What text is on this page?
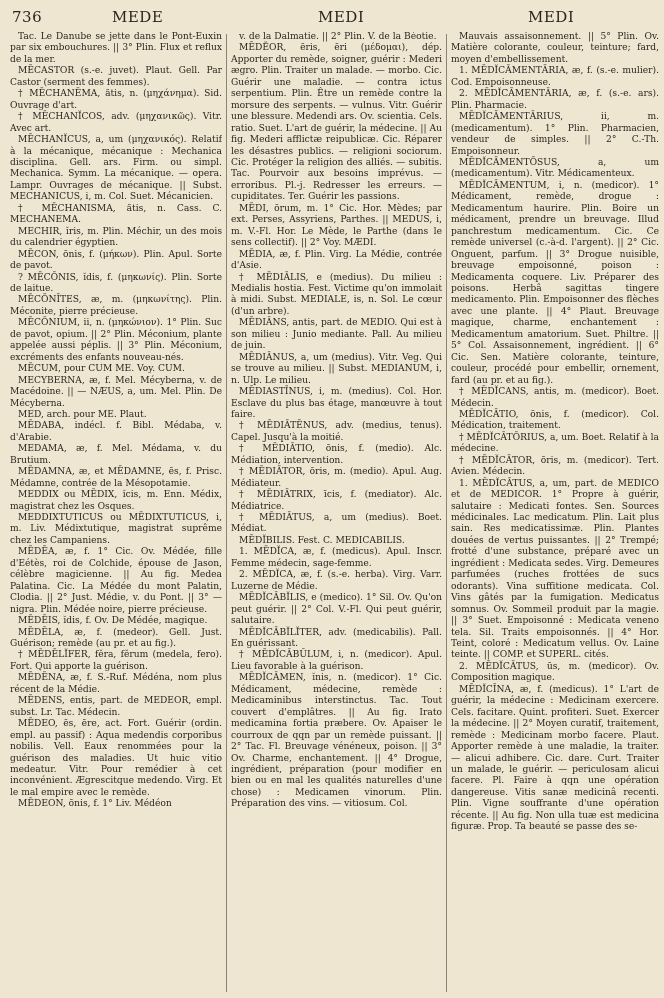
736	MEDE	MEDI	MEDI

Tac. Le Danube se jette dans le Pont-Euxin par six embouchures. || 3° Plin. Flux et reflux de la mer.

MĒCASTOR (s.-e. juvet). Plaut. Gell. Par Castor (serment des femmes).

† MĒCHANĒMA, ătis, n. (μηχάνημα). Sid. Ouvrage d'art.

† MĒCHANĬCOS, adv. (μηχανικῶς). Vitr. Avec art.

MĒCHANĬCUS, a, um (μηχανικός). Relatif à la mécanique, mécanique : Mechanica disciplina. Gell. ars. Firm. ou simpl. Mechanica. Symm. La mécanique. — opera. Lampr. Ouvrages de mécanique. || Subst. MECHANICUS, i, m. Col. Suet. Mécanicien.

† MĒCHANISMA, ătis, n. Cass. C. MECHANEMA.

MECHIR, ĭris, m. Plin. Méchir, un des mois du calendrier égyptien.

MĒCON, ōnis, f. (μήκων). Plin. Apul. Sorte de pavot.

? MĒCŌNIS, ĭdis, f. (μηκωνίς). Plin. Sorte de laitue.

MĒCŌNĪTES, æ, m. (μηκωνίτης). Plin. Méconite, pierre précieuse.

MĒCŌNIUM, ii, n. (μηκώνιον). 1° Plin. Suc de pavot, opium. || 2° Plin. Méconium, plante appelée aussi péplis. || 3° Plin. Méconium, excréments des enfants nouveau-nés.

MĒCUM, pour CUM ME. Voy. CUM.

MECYBERNA, æ, f. Mel. Mécyberna, v. de Macédoine. || — NÆUS, a, um. Mel. Plin. De Mécyberna.

MED, arch. pour ME. Plaut.

MĒDABA, indécl. f. Bibl. Médaba, v. d'Arabie.

MEDAMA, æ, f. Mel. Médama, v. du Brutium.

MĒDAMNA, æ, et MĒDAMNE, ēs, f. Prisc. Médamne, contrée de la Mésopotamie.

MEDDIX ou MĒDIX, ĭcis, m. Enn. Médix, magistrat chez les Osques.

MEDDIXTUTICUS ou MĒDIXTUTICUS, i, m. Liv. Médixtutique, magistrat suprême chez les Campaniens.

MĒDĒA, æ, f. 1° Cic. Ov. Médée, fille d'Eétès, roi de Colchide, épouse de Jason, célèbre magicienne. || Au fig. Medea Palatina. Cic. La Médée du mont Palatin, Clodia. || 2° Just. Médie, v. du Pont. || 3° — nigra. Plin. Médée noire, pierre précieuse.

MĒDĒIS, ĭdis, f. Ov. De Médée, magique.

MĒDĒLA, æ, f. (medeor). Gell. Just. Guérison; remède (au pr. et au fig.).

† MĒDĒLĬFER, fĕra, fĕrum (medela, fero). Fort. Qui apporte la guérison.

MĒDĒNA, æ, f. S.-Ruf. Médéna, nom plus récent de la Médie.

MĒDENS, entis, part. de MEDEOR, empl. subst. Lr. Tac. Médecin.

MĒDEO, ēs, ēre, act. Fort. Guérir (ordin. empl. au passif) : Aqua medendis corporibus nobilis. Vell. Eaux renommées pour la guérison des maladies. Ut huic vitio medeatur. Vitr. Pour remédier à cet inconvénient. Ægrescitque medendo. Virg. Et le mal empire avec le remède.

MĒDEON, ōnis, f. 1° Liv. Médéon

v. de la Dalmatie. || 2° Plin. V. de la Béotie.

MĒDĔOR, ēris, ēri (μέδομαι), dép. Apporter du remède, soigner, guérir : Mederi ægro. Plin. Traiter un malade. — morbo. Cic. Guérir une maladie. — contra ictus serpentium. Plin. Être un remède contre la morsure des serpents. — vulnus. Vitr. Guérir une blessure. Medendi ars. Ov. scientia. Cels. ratio. Suet. L'art de guérir, la médecine. || Au fig. Mederi afflictæ reipublicæ. Cic. Réparer les désastres publics. — religioni sociorum. Cic. Protéger la religion des alliés. — subitis. Tac. Pourvoir aux besoins imprévus. — erroribus. Pl.-j. Redresser les erreurs. — cupiditates. Ter. Guérir les passions.

MĒDI, ōrum, m. 1° Cic. Hor. Mèdes; par ext. Perses, Assyriens, Parthes. || MEDUS, i, m. V.-Fl. Hor. Le Mède, le Parthe (dans le sens collectif). || 2° Voy. MÆDI.

MĒDIA, æ, f. Plin. Virg. La Médie, contrée d'Asie.

† MĒDIĀLIS, e (medius). Du milieu : Medialis hostia. Fest. Victime qu'on immolait à midi. Subst. MEDIALE, is, n. Sol. Le cœur (d'un arbre).

MĒDIĀNS, antis, part. de MEDIO. Qui est à son milieu : Junio mediante. Pall. Au milieu de juin.

MĒDIĀNUS, a, um (medius). Vitr. Veg. Qui se trouve au milieu. || Subst. MEDIANUM, i, n. Ulp. Le milieu.

MĒDIASTĪNUS, i, m. (medius). Col. Hor. Esclave du plus bas étage, manœuvre à tout faire.

† MĒDIĀTĒNUS, adv. (medius, tenus). Capel. Jusqu'à la moitié.

† MĒDIĀTIO, ōnis, f. (medio). Alc. Médiation, intervention.

† MĒDIĀTOR, ōris, m. (medio). Apul. Aug. Médiateur.

† MĒDIĀTRIX, īcis, f. (mediator). Alc. Médiatrice.

† MĒDIĀTUS, a, um (medius). Boet. Médiat.

MĒDĬBILIS. Fest. C. MEDICABILIS.

1. MĒDĬCA, æ, f. (medicus). Apul. Inscr. Femme médecin, sage-femme.

2. MĒDĬCA, æ, f. (s.-e. herba). Virg. Varr. Luzerne de Médie.

MĒDĬCĀBĬLIS, e (medico). 1° Sil. Ov. Qu'on peut guérir. || 2° Col. V.-Fl. Qui peut guérir, salutaire.

MĒDĬCĀBĬLĬTER, adv. (medicabilis). Pall. En guérissant.

† MĒDĬCĀBŬLUM, i, n. (medicor). Apul. Lieu favorable à la guérison.

MĒDĬCĀMEN, ĭnis, n. (medicor). 1° Cic. Médicament, médecine, remède : Medicaminibus interstinctus. Tac. Tout couvert d'emplâtres. || Au fig. Irato medicamina fortia præbere. Ov. Apaiser le courroux de qqn par un remède puissant. || 2° Tac. Fl. Breuvage vénéneux, poison. || 3° Ov. Charme, enchantement. || 4° Drogue, ingrédient, préparation (pour modifier en bien ou en mal les qualités naturelles d'une chose) : Medicamen vinorum. Plin. Préparation des vins. — vitiosum. Col.

Mauvais assaisonnement. || 5° Plin. Ov. Matière colorante, couleur, teinture; fard, moyen d'embellissement.

1. MĒDĬCĀMENTĀRIA, æ, f. (s.-e. mulier). Cod. Empoisonneuse.

2. MĒDĬCĀMENTĀRIA, æ, f. (s.-e. ars). Plin. Pharmacie.

MĒDĬCĀMENTĀRIUS, ii, m. (medicamentum). 1° Plin. Pharmacien, vendeur de simples. || 2° C.-Th. Empoisonneur.

MĒDĬCĀMENTŌSUS, a, um (medicamentum). Vitr. Médicamenteux.

MĒDĬCĀMENTUM, i, n. (medicor). 1° Médicament, remède, drogue : Medicamentum haurire. Plin. Boire un médicament, prendre un breuvage. Illud panchrestum medicamentum. Cic. Ce remède universel (c.-à-d. l'argent). || 2° Cic. Onguent, parfum. || 3° Drogue nuisible, breuvage empoisonné, poison : Medicamenta coquere. Liv. Préparer des poisons. Herbâ sagittas tingere medicamento. Plin. Empoisonner des flèches avec une plante. || 4° Plaut. Breuvage magique, charme, enchantement : Medicamentum amatorium. Suet. Philtre. || 5° Col. Assaisonnement, ingrédient. || 6° Cic. Sen. Matière colorante, teinture, couleur, procédé pour embellir, ornement, fard (au pr. et au fig.).

† MĒDĬCANS, antis, m. (medicor). Boet. Médecin.

MĒDĬCĀTIO, ōnis, f. (medicor). Col. Médication, traitement.

† MĒDĬCĀTŌRIUS, a, um. Boet. Relatif à la médecine.

† MĒDĬCĀTOR, ōris, m. (medicor). Tert. Avien. Médecin.

1. MĒDĬCĀTUS, a, um, part. de MEDICO et de MEDICOR. 1° Propre à guérir, salutaire : Medicati fontes. Sen. Sources médicinales. Lac medicatum. Plin. Lait plus sain. Res medicatissimæ. Plin. Plantes douées de vertus puissantes. || 2° Trempé; frotté d'une substance, préparé avec un ingrédient : Medicata sedes. Virg. Demeures parfumées (ruches frottées de sucs odorants). Vina suffitione medicata. Col. Vins gâtés par la fumigation. Medicatus somnus. Ov. Sommeil produit par la magie. || 3° Suet. Empoisonné : Medicata veneno tela. Sil. Traits empoisonnés. || 4° Hor. Teint, coloré : Medicatum vellus. Ov. Laine teinte. || COMP. et SUPERL. cités.

2. MĒDĬCĀTUS, ūs, m. (medicor). Ov. Composition magique.

MĒDĬCĪNA, æ, f. (medicus). 1° L'art de guérir, la médecine : Medicinam exercere. Cels. facitare. Quint. profiteri. Suet. Exercer la médecine. || 2° Moyen curatif, traitement, remède : Medicinam morbo facere. Plaut. Apporter remède à une maladie, la traiter. — alicui adhibere. Cic. dare. Curt. Traiter un malade, le guérir. — periculosam alicui facere. Pl. Faire à qqn une opération dangereuse. Vitis sanæ medicinâ recenti. Plin. Vigne souffrante d'une opération récente. || Au fig. Non ulla tuæ est medicina figuræ. Prop. Ta beauté se passe des se-
